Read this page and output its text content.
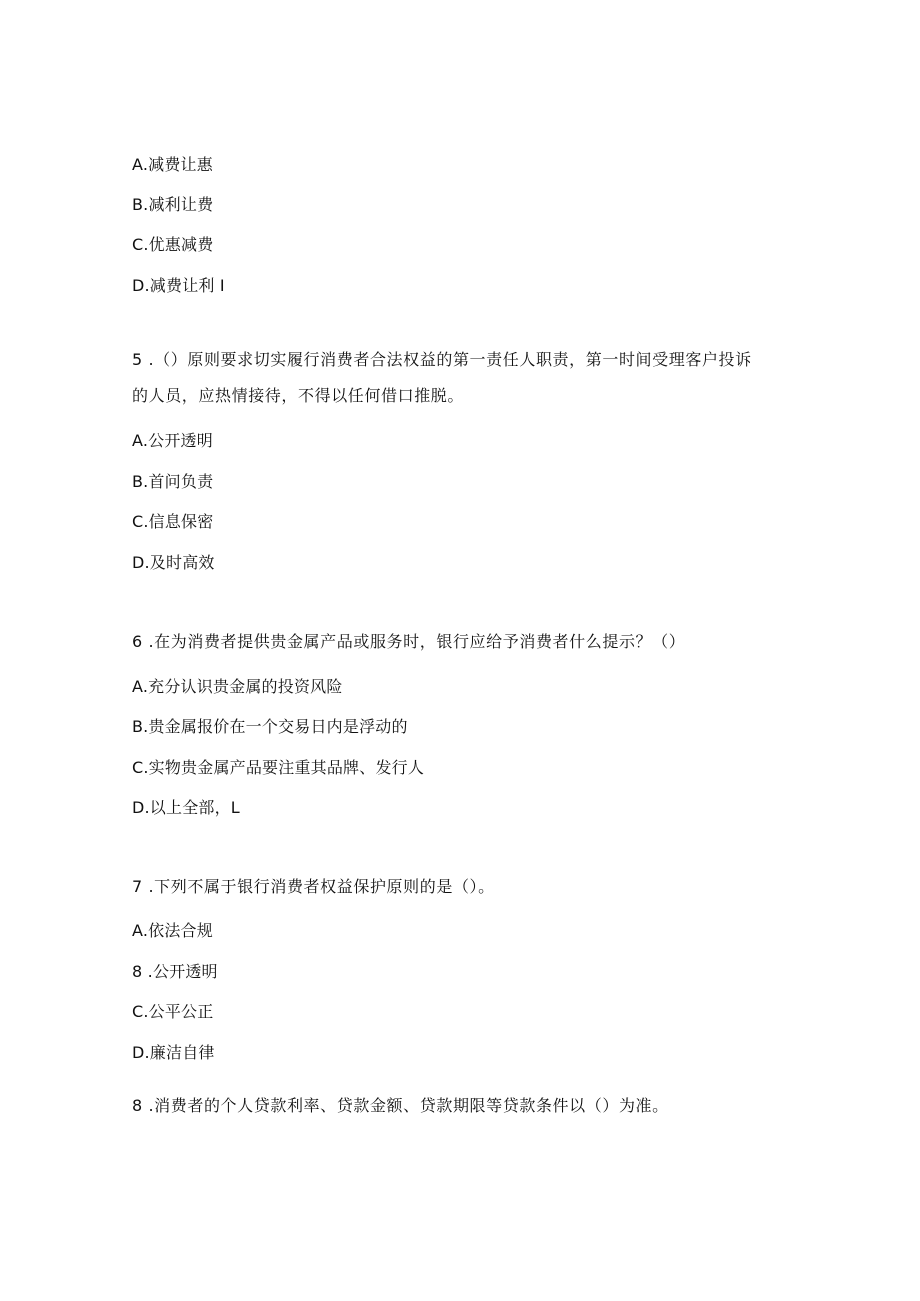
A.减费让惠
B.减利让费
C.优惠减费
D.减费让利 I
5 .（）原则要求切实履行消费者合法权益的第一责任人职责，第一时间受理客户投诉
的人员，应热情接待，不得以任何借口推脱。
A.公开透明
B.首问负责
C.信息保密
D.及时高效
6 .在为消费者提供贵金属产品或服务时，银行应给予消费者什么提示？（）
A.充分认识贵金属的投资风险
B.贵金属报价在一个交易日内是浮动的
C.实物贵金属产品要注重其品牌、发行人
D.以上全部，L
7 .下列不属于银行消费者权益保护原则的是（）。
A.依法合规
8 .公开透明
C.公平公正
D.廉洁自律
8 .消费者的个人贷款利率、贷款金额、贷款期限等贷款条件以（）为准。
